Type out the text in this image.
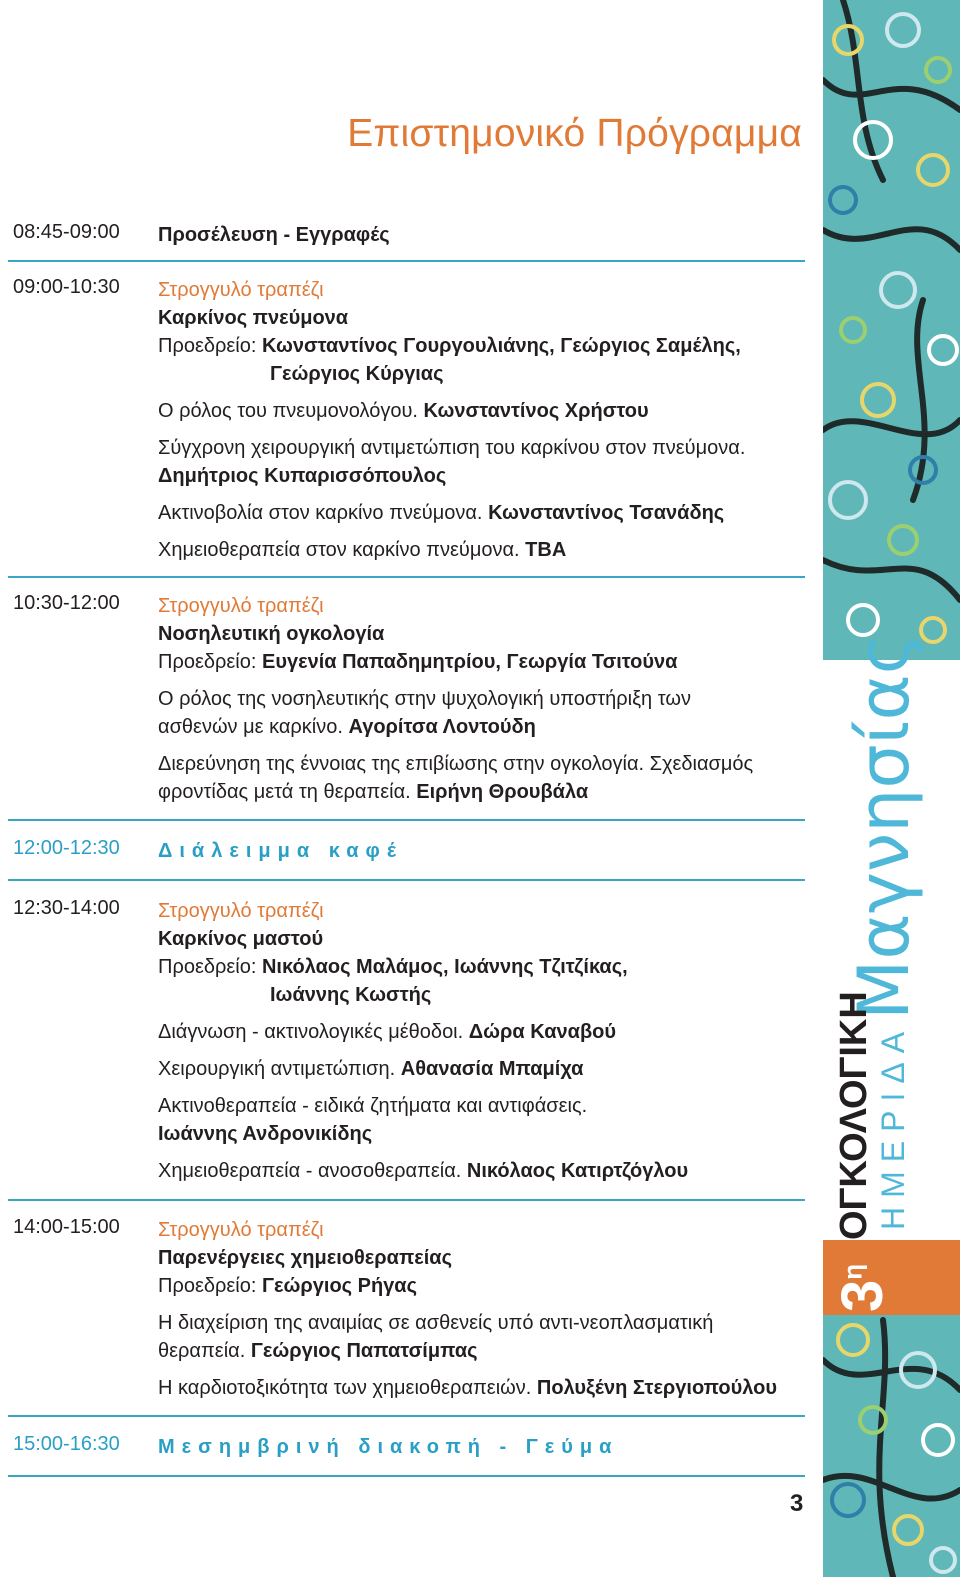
Επιστημονικό Πρόγραμμα
08:45-09:00 Προσέλευση - Εγγραφές
09:00-10:30 Στρογγυλό τραπέζι
Καρκίνος πνεύμονα
Προεδρείο: Κωνσταντίνος Γουργουλιάνης, Γεώργιος Σαμέλης,
Γεώργιος Κύργιας
Ο ρόλος του πνευμονολόγου. Κωνσταντίνος Χρήστου
Σύγχρονη χειρουργική αντιμετώπιση του καρκίνου στον πνεύμονα.
Δημήτριος Κυπαρισσόπουλος
Ακτινοβολία στον καρκίνο πνεύμονα. Κωνσταντίνος Τσανάδης
Χημειοθεραπεία στον καρκίνο πνεύμονα. TBA
10:30-12:00 Στρογγυλό τραπέζι
Νοσηλευτική ογκολογία
Προεδρείο: Ευγενία Παπαδημητρίου, Γεωργία Τσιτούνα
Ο ρόλος της νοσηλευτικής στην ψυχολογική υποστήριξη των
ασθενών με καρκίνο. Αγορίτσα Λοντούδη
Διερεύνηση της έννοιας της επιβίωσης στην ογκολογία. Σχεδιασμός
φροντίδας μετά τη θεραπεία. Ειρήνη Θρουβάλα
12:00-12:30 Διάλειμμα καφέ
12:30-14:00 Στρογγυλό τραπέζι
Καρκίνος μαστού
Προεδρείο: Νικόλαος Μαλάμος, Ιωάννης Τζιτζίκας,
Ιωάννης Κωστής
Διάγνωση - ακτινολογικές μέθοδοι. Δώρα Καναβού
Χειρουργική αντιμετώπιση. Αθανασία Μπαμίχα
Ακτινοθεραπεία - ειδικά ζητήματα και αντιφάσεις.
Ιωάννης Ανδρονικίδης
Χημειοθεραπεία - ανοσοθεραπεία. Νικόλαος Κατιρτζόγλου
14:00-15:00 Στρογγυλό τραπέζι
Παρενέργειες χημειοθεραπείας
Προεδρείο: Γεώργιος Ρήγας
Η διαχείριση της αναιμίας σε ασθενείς υπό αντι-νεοπλασματική
θεραπεία. Γεώργιος Παπατσίμπας
Η καρδιοτοξικότητα των χημειοθεραπειών. Πολυξένη Στεργιοπούλου
15:00-16:30 Μεσημβρινή διακοπή - Γεύμα
3
Μαγνησίας
ΟΓΚΟΛΟΓΙΚΗ ΗΜΕΡΙΔΑ
$3^\eta$
